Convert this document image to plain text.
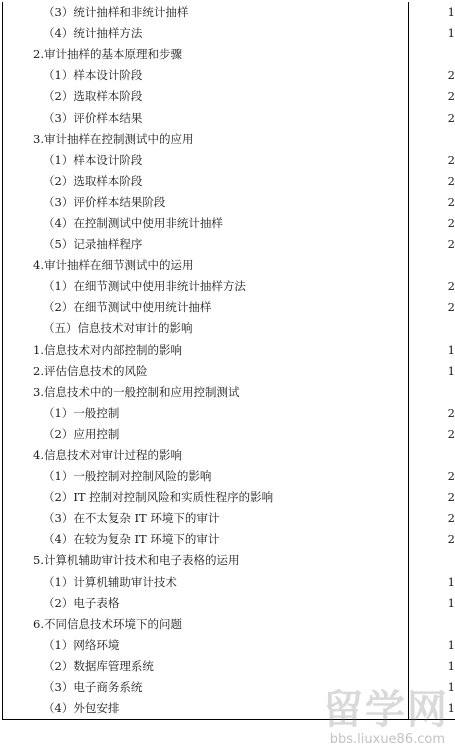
（3）统计抽样和非统计抽样	1
（4）统计抽样方法	1
2.审计抽样的基本原理和步骤	
（1）样本设计阶段	2
（2）选取样本阶段	2
（3）评价样本结果	2
3.审计抽样在控制测试中的应用	
（1）样本设计阶段	2
（2）选取样本阶段	2
（3）评价样本结果阶段	2
（4）在控制测试中使用非统计抽样	2
（5）记录抽样程序	2
4.审计抽样在细节测试中的运用	
（1）在细节测试中使用非统计抽样方法	2
（2）在细节测试中使用统计抽样	2
（五）信息技术对审计的影响	
1.信息技术对内部控制的影响	1
2.评估信息技术的风险	1
3.信息技术中的一般控制和应用控制测试	
（1）一般控制	2
（2）应用控制	2
4.信息技术对审计过程的影响	
（1）一般控制对控制风险的影响	2
（2）IT 控制对控制风险和实质性程序的影响	2
（3）在不太复杂 IT 环境下的审计	2
（4）在较为复杂 IT 环境下的审计	2
5.计算机辅助审计技术和电子表格的运用	
（1）计算机辅助审计技术	1
（2）电子表格	1
6.不同信息技术环境下的问题	
（1）网络环境	1
（2）数据库管理系统	1
（3）电子商务系统	1
（4）外包安排	1
留学网
bbs.liuxue86.com
